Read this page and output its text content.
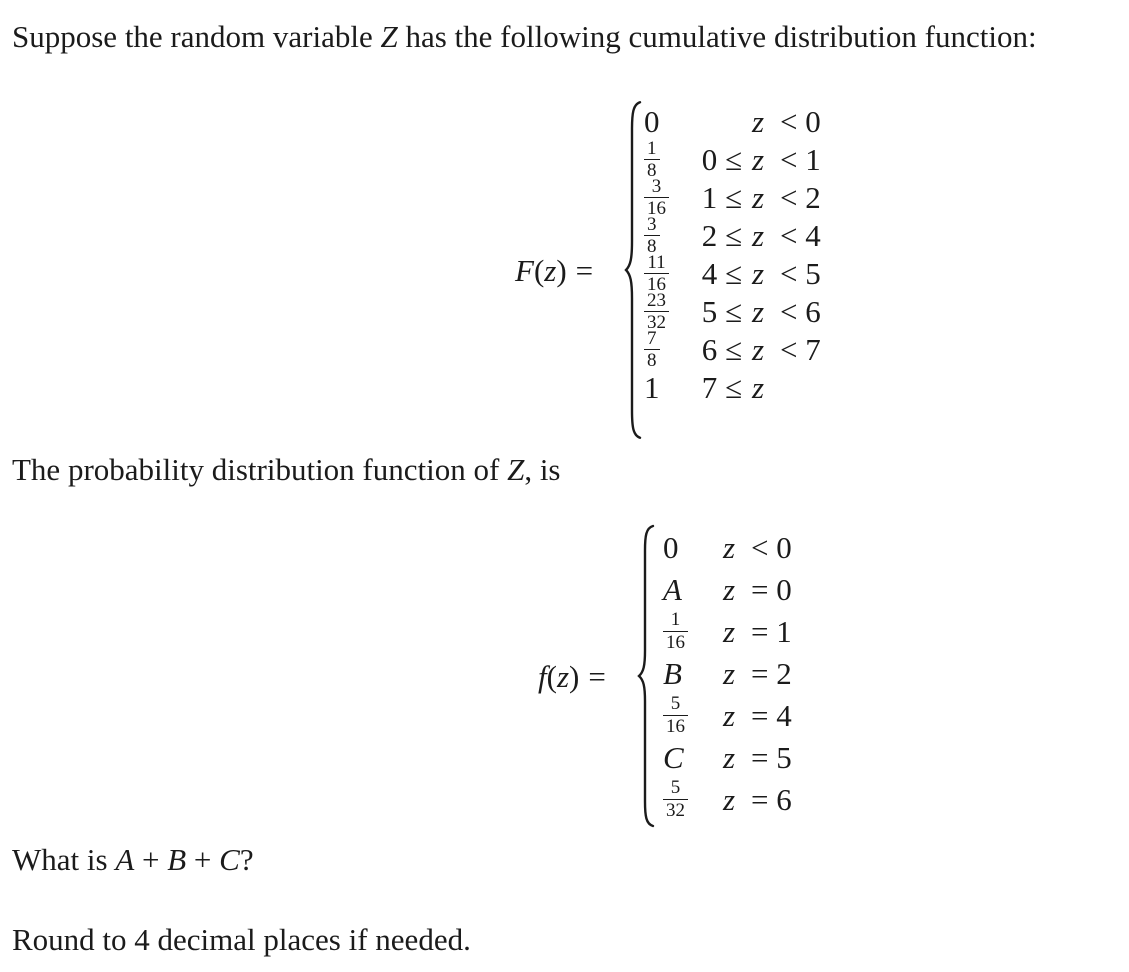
Suppose the random variable Z has the following cumulative distribution function:

F ( z ) =
0	z < 0
$\frac{1}{8} 0 \le z < 1$
$\frac{3}{16} 1 \le z < 2$
$\frac{3}{8} 2 \le z < 4$
$\frac{11}{16} 4 \le z < 5$
$\frac{23}{32} 5 \le z < 6$
$\frac{7}{8} 6 \le z < 7$
1	7 ≤ z

The probability distribution function of Z, is

f ( z ) =
0	z < 0
A	z = 0
$\frac{1}{16}$ z = 1
B	z = 2
$\frac{5}{16}$ z = 4
C	z = 5
$\frac{5}{32}$ z = 6

What is A + B + C?

Round to 4 decimal places if needed.
